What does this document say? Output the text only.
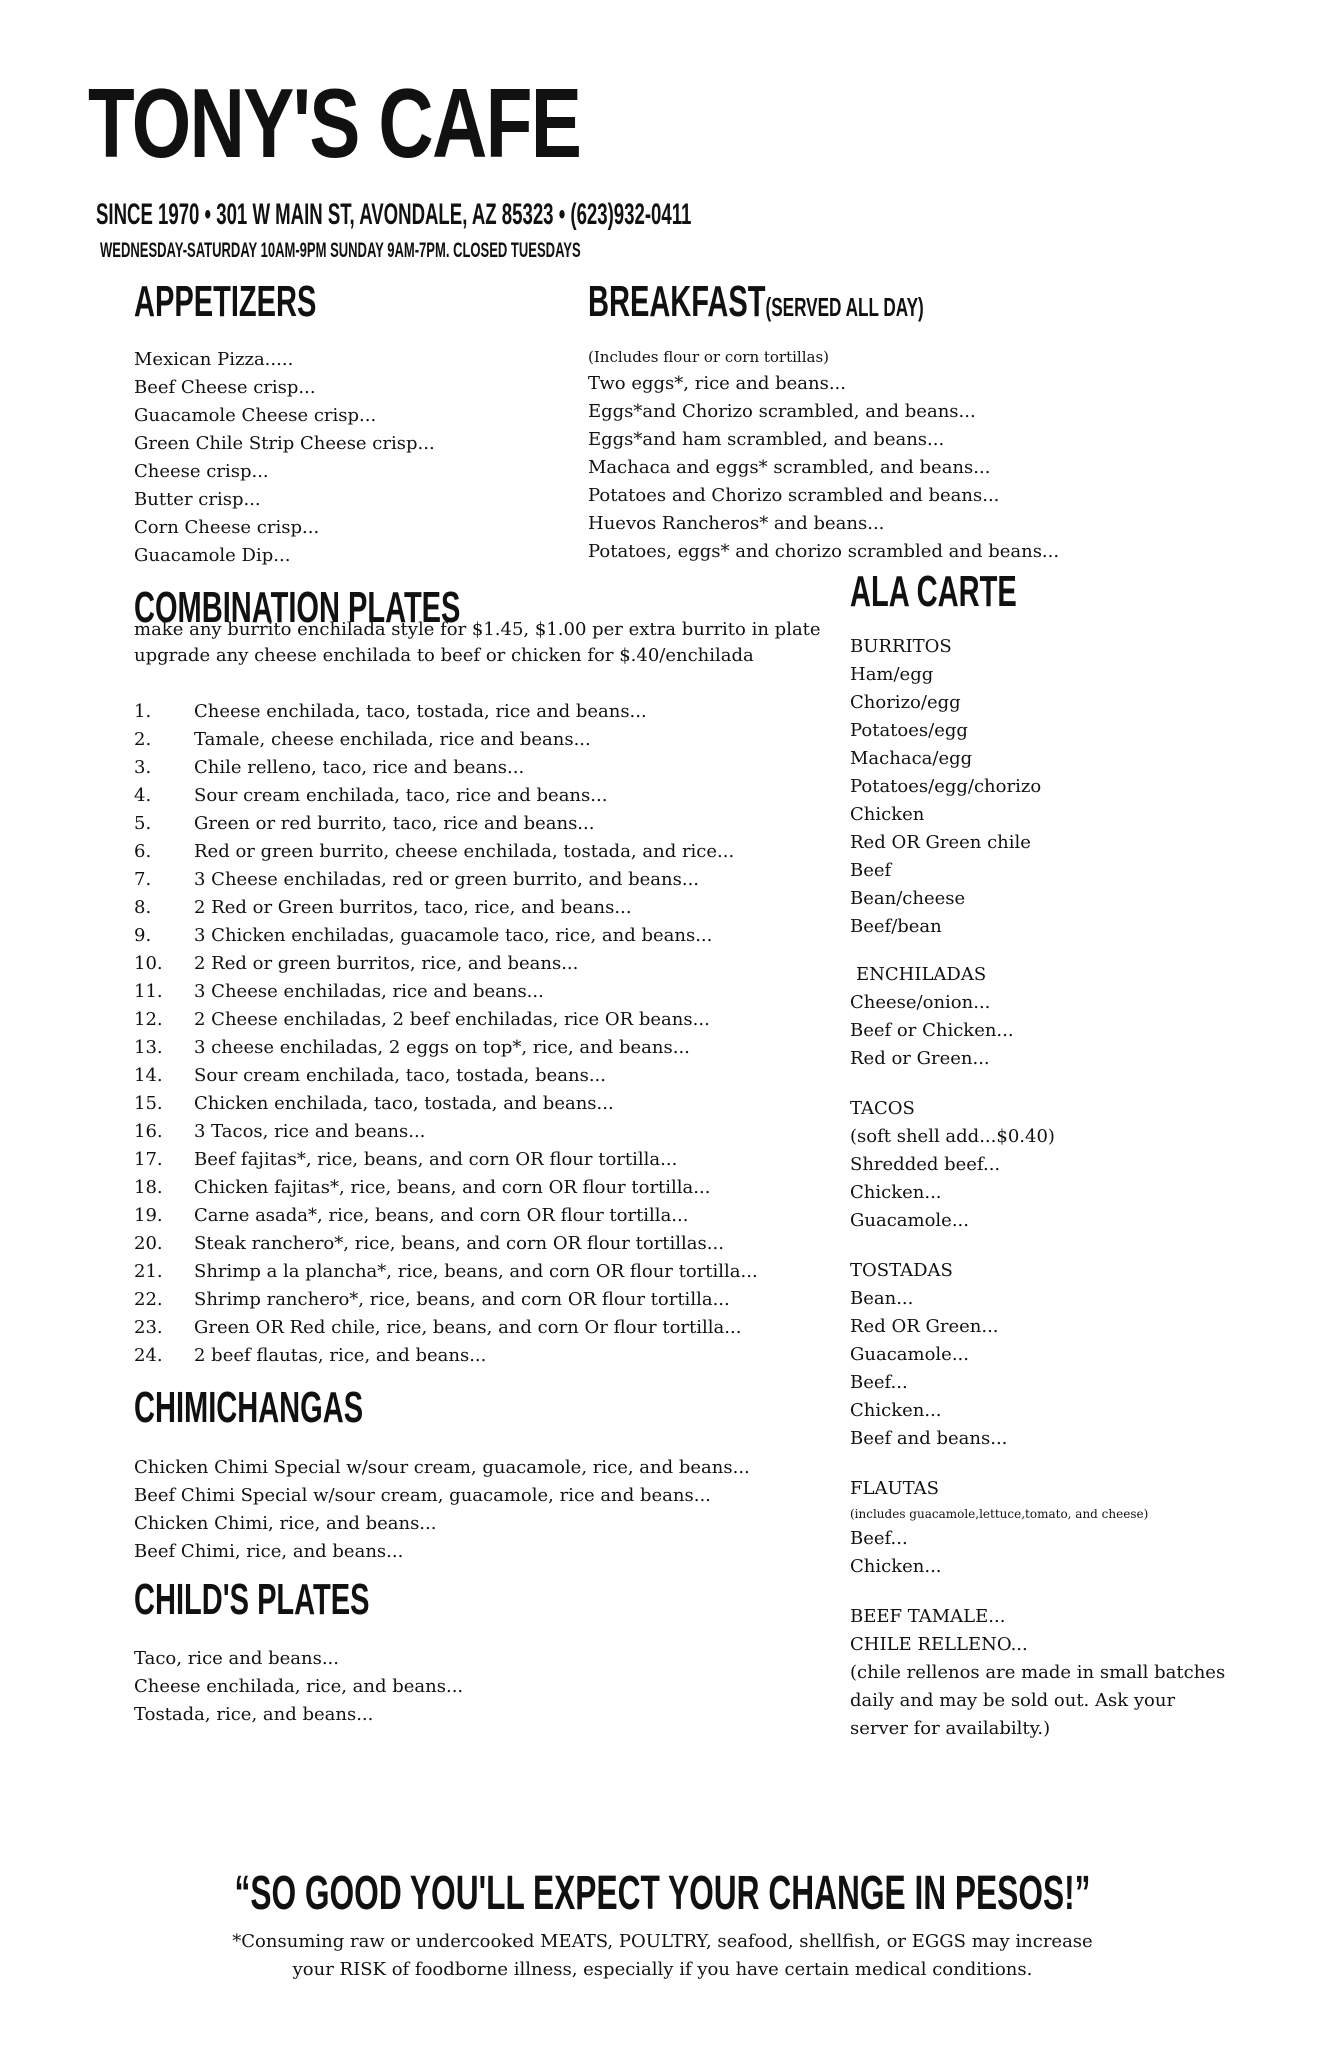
TONY'S CAFE
SINCE 1970 • 301 W MAIN ST, AVONDALE, AZ 85323 • (623)932-0411
WEDNESDAY-SATURDAY 10AM-9PM SUNDAY 9AM-7PM. CLOSED TUESDAYS
APPETIZERS
Mexican Pizza.....
Beef Cheese crisp...
Guacamole Cheese crisp...
Green Chile Strip Cheese crisp...
Cheese crisp...
Butter crisp...
Corn Cheese crisp...
Guacamole Dip...
BREAKFAST(SERVED ALL DAY)
(Includes flour or corn tortillas)
Two eggs*, rice and beans...
Eggs*and Chorizo scrambled, and beans...
Eggs*and ham scrambled, and beans...
Machaca and eggs* scrambled, and beans...
Potatoes and Chorizo scrambled and beans...
Huevos Rancheros* and beans...
Potatoes, eggs* and chorizo scrambled and beans...
COMBINATION PLATES
make any burrito enchilada style for $1.45, $1.00 per extra burrito in plate
upgrade any cheese enchilada to beef or chicken for $.40/enchilada
1.	Cheese enchilada, taco, tostada, rice and beans...
2.	Tamale, cheese enchilada, rice and beans...
3.	Chile relleno, taco, rice and beans...
4.	Sour cream enchilada, taco, rice and beans...
5.	Green or red burrito, taco, rice and beans...
6.	Red or green burrito, cheese enchilada, tostada, and rice...
7.	3 Cheese enchiladas, red or green burrito, and beans...
8.	2 Red or Green burritos, taco, rice, and beans...
9.	3 Chicken enchiladas, guacamole taco, rice, and beans...
10.	2 Red or green burritos, rice, and beans...
11.	3 Cheese enchiladas, rice and beans...
12.	2 Cheese enchiladas, 2 beef enchiladas, rice OR beans...
13.	3 cheese enchiladas, 2 eggs on top*, rice, and beans...
14.	Sour cream enchilada, taco, tostada, beans...
15.	Chicken enchilada, taco, tostada, and beans...
16.	3 Tacos, rice and beans...
17.	Beef fajitas*, rice, beans, and corn OR flour tortilla...
18.	Chicken fajitas*, rice, beans, and corn OR flour tortilla...
19.	Carne asada*, rice, beans, and corn OR flour tortilla...
20.	Steak ranchero*, rice, beans, and corn OR flour tortillas...
21.	Shrimp a la plancha*, rice, beans, and corn OR flour tortilla...
22.	Shrimp ranchero*, rice, beans, and corn OR flour tortilla...
23.	Green OR Red chile, rice, beans, and corn Or flour tortilla...
24.	2 beef flautas, rice, and beans...
CHIMICHANGAS
Chicken Chimi Special w/sour cream, guacamole, rice, and beans...
Beef Chimi Special w/sour cream, guacamole, rice and beans...
Chicken Chimi, rice, and beans...
Beef Chimi, rice, and beans...
CHILD'S PLATES
Taco, rice and beans...
Cheese enchilada, rice, and beans...
Tostada, rice, and beans...
ALA CARTE
BURRITOS
Ham/egg
Chorizo/egg
Potatoes/egg
Machaca/egg
Potatoes/egg/chorizo
Chicken
Red OR Green chile
Beef
Bean/cheese
Beef/bean
ENCHILADAS
Cheese/onion...
Beef or Chicken...
Red or Green...
TACOS
(soft shell add...$0.40)
Shredded beef...
Chicken...
Guacamole...
TOSTADAS
Bean...
Red OR Green...
Guacamole...
Beef...
Chicken...
Beef and beans...
FLAUTAS
(includes guacamole,lettuce,tomato, and cheese)
Beef...
Chicken...
BEEF TAMALE...
CHILE RELLENO...
(chile rellenos are made in small batches
daily and may be sold out. Ask your
server for availabilty.)
“SO GOOD YOU'LL EXPECT YOUR CHANGE IN PESOS!”
*Consuming raw or undercooked MEATS, POULTRY, seafood, shellfish, or EGGS may increase
your RISK of foodborne illness, especially if you have certain medical conditions.
